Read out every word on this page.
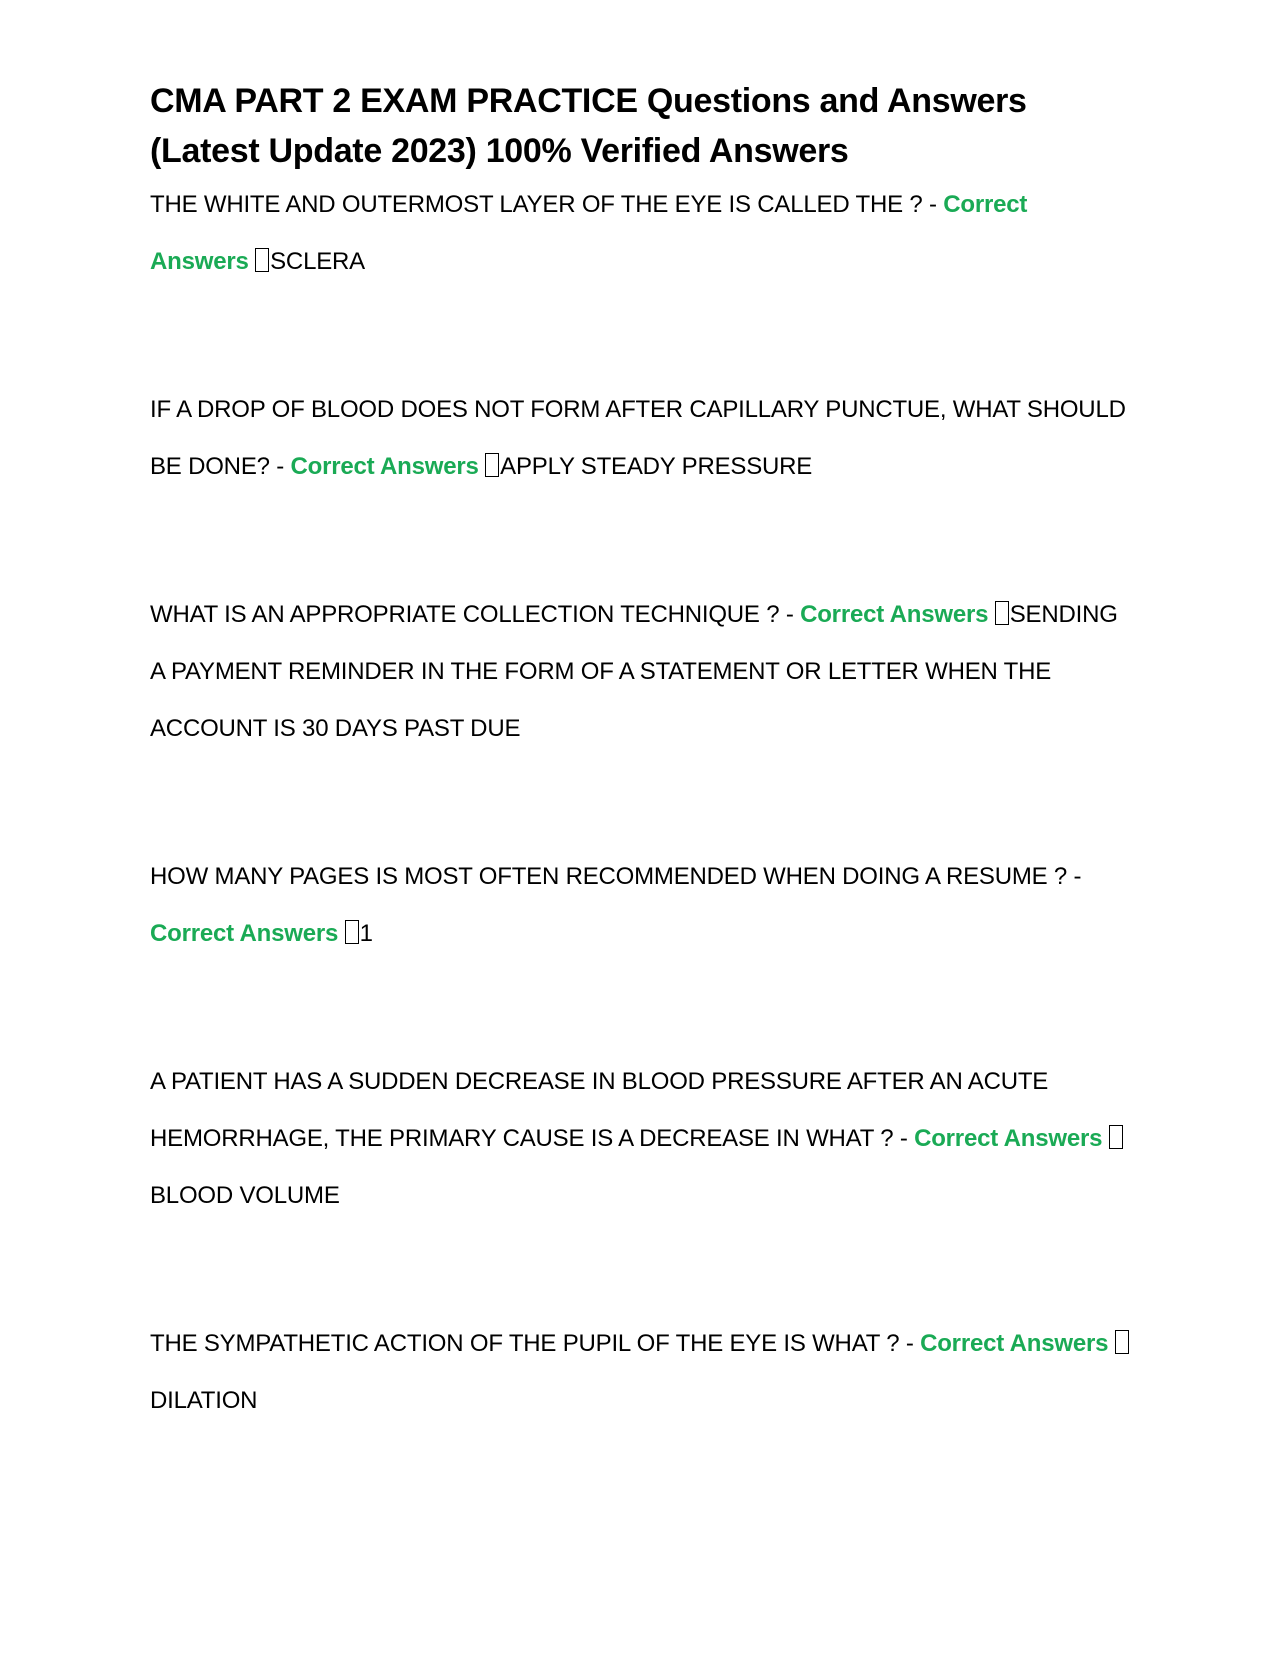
CMA PART 2 EXAM PRACTICE Questions and Answers (Latest Update 2023) 100% Verified Answers

THE WHITE AND OUTERMOST LAYER OF THE EYE IS CALLED THE ? - Correct Answers SCLERA

IF A DROP OF BLOOD DOES NOT FORM AFTER CAPILLARY PUNCTUE, WHAT SHOULD BE DONE? - Correct Answers APPLY STEADY PRESSURE

WHAT IS AN APPROPRIATE COLLECTION TECHNIQUE ? - Correct Answers SENDING A PAYMENT REMINDER IN THE FORM OF A STATEMENT OR LETTER WHEN THE ACCOUNT IS 30 DAYS PAST DUE

HOW MANY PAGES IS MOST OFTEN RECOMMENDED WHEN DOING A RESUME ? - Correct Answers 1

A PATIENT HAS A SUDDEN DECREASE IN BLOOD PRESSURE AFTER AN ACUTE HEMORRHAGE, THE PRIMARY CAUSE IS A DECREASE IN WHAT ? - Correct Answers BLOOD VOLUME

THE SYMPATHETIC ACTION OF THE PUPIL OF THE EYE IS WHAT ? - Correct Answers DILATION
